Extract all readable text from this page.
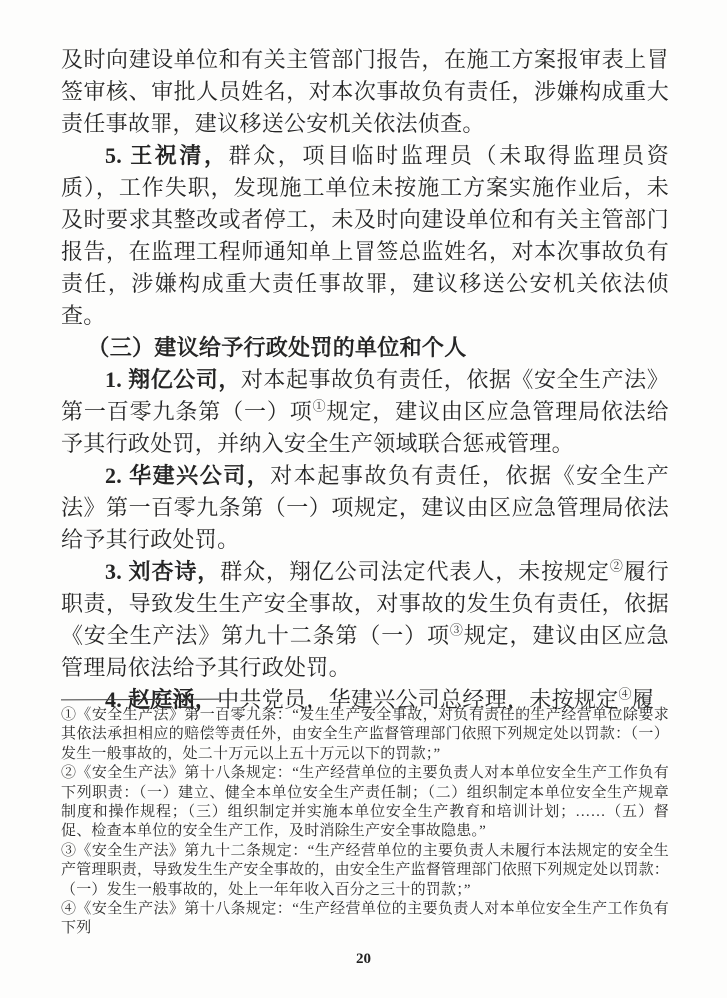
及时向建设单位和有关主管部门报告，在施工方案报审表上冒签审核、审批人员姓名，对本次事故负有责任，涉嫌构成重大责任事故罪，建议移送公安机关依法侦查。

5. 王祝清，群众，项目临时监理员（未取得监理员资质），工作失职，发现施工单位未按施工方案实施作业后，未及时要求其整改或者停工，未及时向建设单位和有关主管部门报告，在监理工程师通知单上冒签总监姓名，对本次事故负有责任，涉嫌构成重大责任事故罪，建议移送公安机关依法侦查。

（三）建议给予行政处罚的单位和个人

1. 翔亿公司，对本起事故负有责任，依据《安全生产法》第一百零九条第（一）项①规定，建议由区应急管理局依法给予其行政处罚，并纳入安全生产领域联合惩戒管理。

2. 华建兴公司，对本起事故负有责任，依据《安全生产法》第一百零九条第（一）项规定，建议由区应急管理局依法给予其行政处罚。

3. 刘杏诗，群众，翔亿公司法定代表人，未按规定②履行职责，导致发生生产安全事故，对事故的发生负有责任，依据《安全生产法》第九十二条第（一）项③规定，建议由区应急管理局依法给予其行政处罚。

4. 赵庭涵，中共党员，华建兴公司总经理，未按规定④履

①《安全生产法》第一百零九条：“发生生产安全事故，对负有责任的生产经营单位除要求其依法承担相应的赔偿等责任外，由安全生产监督管理部门依照下列规定处以罚款：（一）发生一般事故的，处二十万元以上五十万元以下的罚款；”
②《安全生产法》第十八条规定：“生产经营单位的主要负责人对本单位安全生产工作负有下列职责：（一）建立、健全本单位安全生产责任制；（二）组织制定本单位安全生产规章制度和操作规程；（三）组织制定并实施本单位安全生产教育和培训计划；……（五）督促、检查本单位的安全生产工作，及时消除生产安全事故隐患。”
③《安全生产法》第九十二条规定：“生产经营单位的主要负责人未履行本法规定的安全生产管理职责，导致发生生产安全事故的，由安全生产监督管理部门依照下列规定处以罚款：（一）发生一般事故的，处上一年年收入百分之三十的罚款；”
④《安全生产法》第十八条规定：“生产经营单位的主要负责人对本单位安全生产工作负有下列
20
